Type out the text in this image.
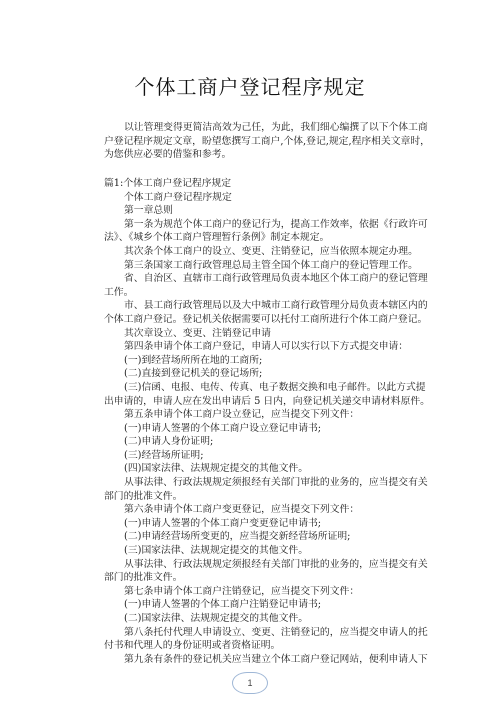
个体工商户登记程序规定

以让管理变得更简洁高效为己任，为此，我们细心编撰了以下个体工商户登记程序规定文章，盼望您撰写工商户,个体,登记,规定,程序相关文章时，为您供应必要的借鉴和参考。

篇1:个体工商户登记程序规定

个体工商户登记程序规定

第一章总则

第一条为规范个体工商户的登记行为，提高工作效率，依据《行政许可法》、《城乡个体工商户管理暂行条例》制定本规定。

其次条个体工商户的设立、变更、注销登记，应当依照本规定办理。

第三条国家工商行政管理总局主管全国个体工商户的登记管理工作。

省、自治区、直辖市工商行政管理局负责本地区个体工商户的登记管理工作。

市、县工商行政管理局以及大中城市工商行政管理分局负责本辖区内的个体工商户登记。登记机关依据需要可以托付工商所进行个体工商户登记。

其次章设立、变更、注销登记申请

第四条申请个体工商户登记，申请人可以实行以下方式提交申请：

(一)到经营场所所在地的工商所;

(二)直接到登记机关的登记场所;

(三)信函、电报、电传、传真、电子数据交换和电子邮件。以此方式提出申请的，申请人应在发出申请后 5 日内，向登记机关递交申请材料原件。

第五条申请个体工商户设立登记，应当提交下列文件：

(一)申请人签署的个体工商户设立登记申请书;

(二)申请人身份证明;

(三)经营场所证明;

(四)国家法律、法规规定提交的其他文件。

从事法律、行政法规规定须报经有关部门审批的业务的，应当提交有关部门的批准文件。

第六条申请个体工商户变更登记，应当提交下列文件：

(一)申请人签署的个体工商户变更登记申请书;

(二)申请经营场所变更的，应当提交新经营场所证明;

(三)国家法律、法规规定提交的其他文件。

从事法律、行政法规规定须报经有关部门审批的业务的，应当提交有关部门的批准文件。

第七条申请个体工商户注销登记，应当提交下列文件：

(一)申请人签署的个体工商户注销登记申请书;

(二)国家法律、法规规定提交的其他文件。

第八条托付代理人申请设立、变更、注销登记的，应当提交申请人的托付书和代理人的身份证明或者资格证明。

第九条有条件的登记机关应当建立个体工商户登记网站，便利申请人下

1
